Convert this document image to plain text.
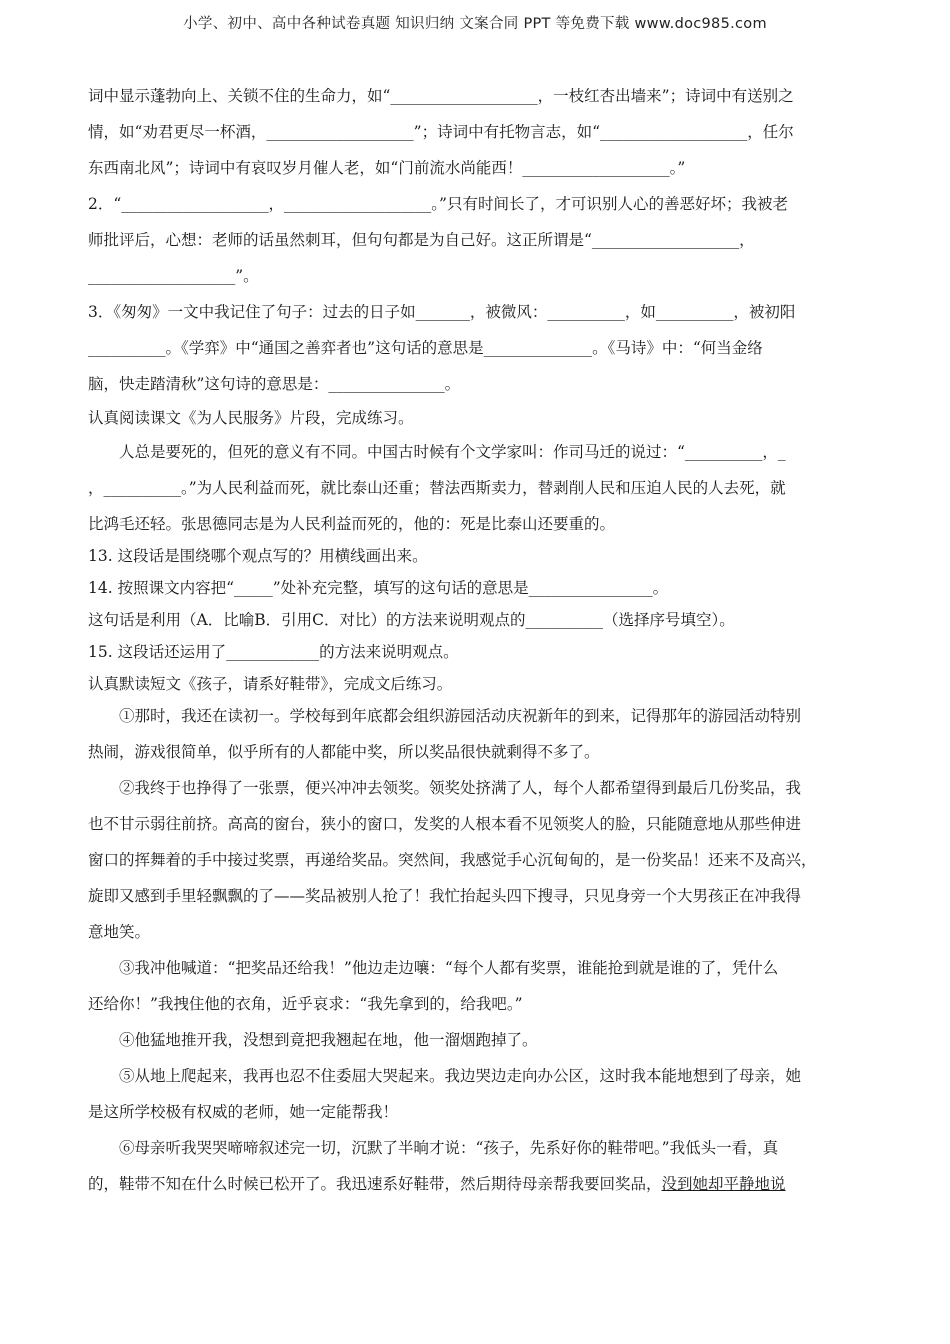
小学、初中、高中各种试卷真题 知识归纳 文案合同 PPT 等免费下载 www.doc985.com
词中显示蓬勃向上、关锁不住的生命力，如“___________________，一枝红杏出墙来”；诗词中有送别之
情，如“劝君更尽一杯酒，___________________”；诗词中有托物言志，如“___________________，任尔
东西南北风”；诗词中有哀叹岁月催人老，如“门前流水尚能西！___________________。”
2．“___________________，___________________。”只有时间长了，才可识别人心的善恶好坏；我被老
师批评后，心想：老师的话虽然刺耳，但句句都是为自己好。这正所谓是“___________________，
___________________”。
3．《匆匆》一文中我记住了句子：过去的日子如_______，被微风：__________，如__________，被初阳
__________。《学弈》中“通国之善弈者也”这句话的意思是______________。《马诗》中：“何当金络
脑，快走踏清秋”这句诗的意思是：_______________。
认真阅读课文《为人民服务》片段，完成练习。
人总是要死的，但死的意义有不同。中国古时候有个文学家叫：作司马迁的说过：“__________，_
，__________。”为人民利益而死，就比泰山还重；替法西斯卖力，替剥削人民和压迫人民的人去死，就
比鸿毛还轻。张思德同志是为人民利益而死的，他的：死是比泰山还要重的。
13. 这段话是围绕哪个观点写的？用横线画出来。
14. 按照课文内容把“_____”处补充完整，填写的这句话的意思是________________。
这句话是利用（A．比喻B．引用C．对比）的方法来说明观点的__________（选择序号填空）。
15. 这段话还运用了____________的方法来说明观点。
认真默读短文《孩子，请系好鞋带》，完成文后练习。
①那时，我还在读初一。学校每到年底都会组织游园活动庆祝新年的到来，记得那年的游园活动特别
热闹，游戏很简单，似乎所有的人都能中奖，所以奖品很快就剩得不多了。
②我终于也挣得了一张票，便兴冲冲去领奖。领奖处挤满了人，每个人都希望得到最后几份奖品，我
也不甘示弱往前挤。高高的窗台，狭小的窗口，发奖的人根本看不见领奖人的脸，只能随意地从那些伸进
窗口的挥舞着的手中接过奖票，再递给奖品。突然间，我感觉手心沉甸甸的，是一份奖品！还来不及高兴，
旋即又感到手里轻飘飘的了——奖品被别人抢了！我忙抬起头四下搜寻，只见身旁一个大男孩正在冲我得
意地笑。
③我冲他喊道：“把奖品还给我！”他边走边嚷：“每个人都有奖票，谁能抢到就是谁的了，凭什么
还给你！”我拽住他的衣角，近乎哀求：“我先拿到的，给我吧。”
④他猛地推开我，没想到竟把我翘起在地，他一溜烟跑掉了。
⑤从地上爬起来，我再也忍不住委屈大哭起来。我边哭边走向办公区，这时我本能地想到了母亲，她
是这所学校极有权威的老师，她一定能帮我！
⑥母亲听我哭哭啼啼叙述完一切，沉默了半晌才说：“孩子，先系好你的鞋带吧。”我低头一看，真
的，鞋带不知在什么时候已松开了。我迅速系好鞋带，然后期待母亲帮我要回奖品，没到她却平静地说
